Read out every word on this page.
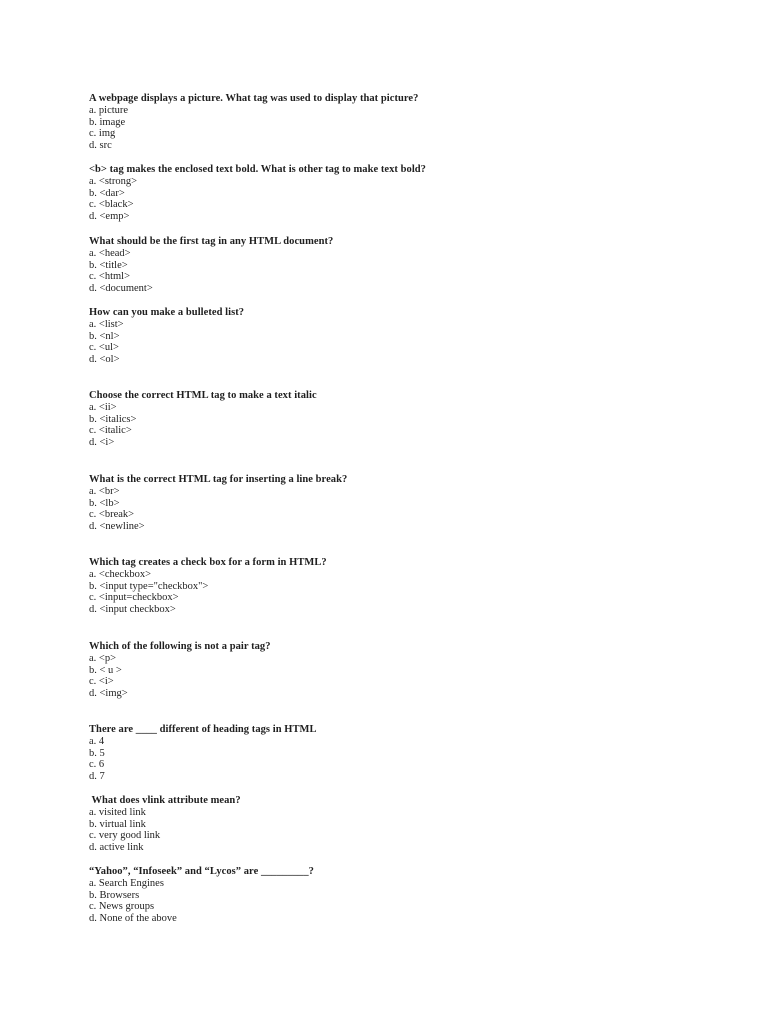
A webpage displays a picture. What tag was used to display that picture?

a. picture

b. image

c. img

d. src

<b> tag makes the enclosed text bold. What is other tag to make text bold?

a. <strong>

b. <dar>

c. <black>

d. <emp>

What should be the first tag in any HTML document?

a. <head>

b. <title>

c. <html>

d. <document>

How can you make a bulleted list?

a. <list>

b. <nl>

c. <ul>

d. <ol>

Choose the correct HTML tag to make a text italic

a. <ii>

b. <italics>

c. <italic>

d. <i>

What is the correct HTML tag for inserting a line break?

a. <br>

b. <lb>

c. <break>

d. <newline>

Which tag creates a check box for a form in HTML?

a. <checkbox>

b. <input type="checkbox">

c. <input=checkbox>

d. <input checkbox>

Which of the following is not a pair tag?

a. <p>

b. < u >

c. <i>

d. <img>

There are ____ different of heading tags in HTML

a. 4

b. 5

c. 6

d. 7

What does vlink attribute mean?

a. visited link

b. virtual link

c. very good link

d. active link

“Yahoo”, “Infoseek” and “Lycos” are _________?

a. Search Engines

b. Browsers

c. News groups

d. None of the above
